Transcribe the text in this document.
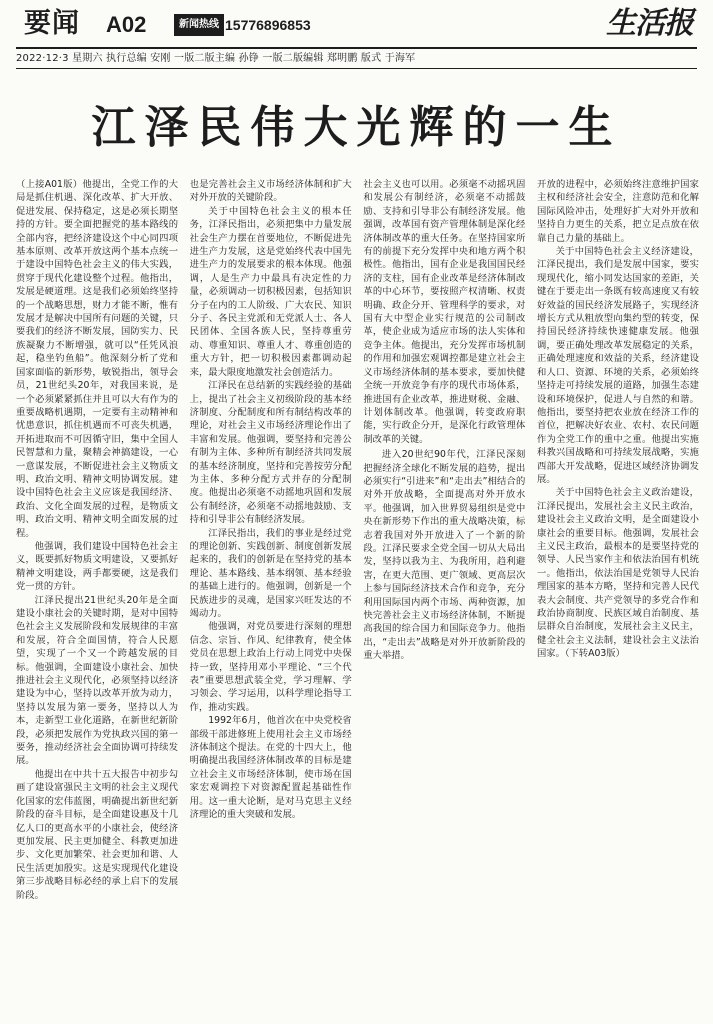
要闻 A02	新闻热线 15776896853	生活报
2022·12·3 星期六 执行总编 安刚 一版二版主编 孙铮 一版二版编辑 郑明鹏 版式 于海军
江泽民伟大光辉的一生

（上接A01版）他提出，全党工作的大局是抓住机遇、深化改革、扩大开放、促进发展、保持稳定，这是必须长期坚持的方针。要全面把握党的基本路线的全部内容，把经济建设这个中心同四项基本原则、改革开放这两个基本点统一于建设中国特色社会主义的伟大实践，贯穿于现代化建设整个过程。他指出，发展是硬道理。这是我们必须始终坚持的一个战略思想，财力才能不断，惟有发展才是解决中国所有问题的关键，只要我们的经济不断发展，国防实力、民族凝聚力不断增强，就可以“任凭风浪起，稳坐钓鱼船”。他深刻分析了党和国家面临的新形势，敏锐指出，领导会员，21世纪头20年，对我国来说，是一个必须紧紧抓住并且可以大有作为的重要战略机遇期，一定要有主动精神和忧患意识，抓住机遇而不可丧失机遇，开拓进取而不可因循守旧，集中全国人民智慧和力量，聚精会神搞建设，一心一意谋发展，不断促进社会主义物质文明、政治文明、精神文明协调发展。建设中国特色社会主义应该是我国经济、政治、文化全面发展的过程，是物质文明、政治文明、精神文明全面发展的过程。

他强调，我们建设中国特色社会主义，既要抓好物质文明建设，又要抓好精神文明建设，两手都要硬，这是我们党一贯的方针。

江泽民提出21世纪头20年是全面建设小康社会的关键时期，是对中国特色社会主义发展阶段和发展规律的丰富和发展，符合全面国情，符合人民愿望，实现了一个又一个跨越发展的目标。他强调，全面建设小康社会、加快推进社会主义现代化，必须坚持以经济建设为中心，坚持以改革开放为动力，坚持以发展为第一要务，坚持以人为本，走新型工业化道路，在新世纪新阶段，必须把发展作为党执政兴国的第一要务，推动经济社会全面协调可持续发展。

他提出在中共十五大报告中初步勾画了建设富强民主文明的社会主义现代化国家的宏伟蓝图，明确提出新世纪新阶段的奋斗目标，是全面建设惠及十几亿人口的更高水平的小康社会，使经济更加发展、民主更加健全、科教更加进步、文化更加繁荣、社会更加和谐、人民生活更加殷实。这是实现现代化建设第三步战略目标必经的承上启下的发展阶段。

也是完善社会主义市场经济体制和扩大对外开放的关键阶段。

关于中国特色社会主义的根本任务，江泽民指出，必须把集中力量发展社会生产力摆在首要地位，不断促进先进生产力发展，这是党始终代表中国先进生产力的发展要求的根本体现。他强调，人是生产力中最具有决定性的力量，必须调动一切积极因素，包括知识分子在内的工人阶级、广大农民、知识分子、各民主党派和无党派人士、各人民团体、全国各族人民，坚持尊重劳动、尊重知识、尊重人才、尊重创造的重大方针，把一切积极因素都调动起来，最大限度地激发社会创造活力。

江泽民在总结新的实践经验的基础上，提出了社会主义初级阶段的基本经济制度、分配制度和所有制结构改革的理论，对社会主义市场经济理论作出了丰富和发展。他强调，要坚持和完善公有制为主体、多种所有制经济共同发展的基本经济制度，坚持和完善按劳分配为主体、多种分配方式并存的分配制度。他提出必须毫不动摇地巩固和发展公有制经济，必须毫不动摇地鼓励、支持和引导非公有制经济发展。

江泽民指出，我们的事业是经过党的理论创新、实践创新、制度创新发展起来的，我们的创新是在坚持党的基本理论、基本路线、基本纲领、基本经验的基础上进行的。他强调，创新是一个民族进步的灵魂，是国家兴旺发达的不竭动力。

他强调，对党员要进行深刻的理想信念、宗旨、作风、纪律教育，使全体党员在思想上政治上行动上同党中央保持一致，坚持用邓小平理论、“三个代表”重要思想武装全党，学习理解、学习领会、学习运用，以科学理论指导工作，推动实践。

1992年6月，他首次在中央党校省部级干部进修班上使用社会主义市场经济体制这个提法。在党的十四大上，他明确提出我国经济体制改革的目标是建立社会主义市场经济体制，使市场在国家宏观调控下对资源配置起基础性作用。这一重大论断，是对马克思主义经济理论的重大突破和发展。

社会主义也可以用。必须毫不动摇巩固和发展公有制经济，必须毫不动摇鼓励、支持和引导非公有制经济发展。他强调，改革国有资产管理体制是深化经济体制改革的重大任务。在坚持国家所有的前提下充分发挥中央和地方两个积极性。他指出，国有企业是我国国民经济的支柱，国有企业改革是经济体制改革的中心环节，要按照产权清晰、权责明确、政企分开、管理科学的要求，对国有大中型企业实行规范的公司制改革，使企业成为适应市场的法人实体和竞争主体。他提出，充分发挥市场机制的作用和加强宏观调控都是建立社会主义市场经济体制的基本要求，要加快健全统一开放竞争有序的现代市场体系，推进国有企业改革，推进财税、金融、计划体制改革。他强调，转变政府职能，实行政企分开，是深化行政管理体制改革的关键。

进入20世纪90年代，江泽民深刻把握经济全球化不断发展的趋势，提出必须实行“引进来”和“走出去”相结合的对外开放战略，全面提高对外开放水平。他强调，加入世界贸易组织是党中央在新形势下作出的重大战略决策，标志着我国对外开放进入了一个新的阶段。江泽民要求全党全国一切从大局出发，坚持以我为主、为我所用，趋利避害，在更大范围、更广领域、更高层次上参与国际经济技术合作和竞争，充分利用国际国内两个市场、两种资源，加快完善社会主义市场经济体制，不断提高我国的综合国力和国际竞争力。他指出，“走出去”战略是对外开放新阶段的重大举措。

开放的进程中，必须始终注意维护国家主权和经济社会安全，注意防范和化解国际风险冲击，处理好扩大对外开放和坚持自力更生的关系，把立足点放在依靠自己力量的基础上。

关于中国特色社会主义经济建设，江泽民提出，我们是发展中国家，要实现现代化，缩小同发达国家的差距，关键在于要走出一条既有较高速度又有较好效益的国民经济发展路子，实现经济增长方式从粗放型向集约型的转变，保持国民经济持续快速健康发展。他强调，要正确处理改革发展稳定的关系，正确处理速度和效益的关系，经济建设和人口、资源、环境的关系，必须始终坚持走可持续发展的道路，加强生态建设和环境保护，促进人与自然的和谐。他指出，要坚持把农业放在经济工作的首位，把解决好农业、农村、农民问题作为全党工作的重中之重。他提出实施科教兴国战略和可持续发展战略，实施西部大开发战略，促进区域经济协调发展。

关于中国特色社会主义政治建设，江泽民提出，发展社会主义民主政治，建设社会主义政治文明，是全面建设小康社会的重要目标。他强调，发展社会主义民主政治，最根本的是要坚持党的领导、人民当家作主和依法治国有机统一。他指出，依法治国是党领导人民治理国家的基本方略，坚持和完善人民代表大会制度、共产党领导的多党合作和政治协商制度、民族区域自治制度、基层群众自治制度，发展社会主义民主，健全社会主义法制，建设社会主义法治国家。（下转A03版）
